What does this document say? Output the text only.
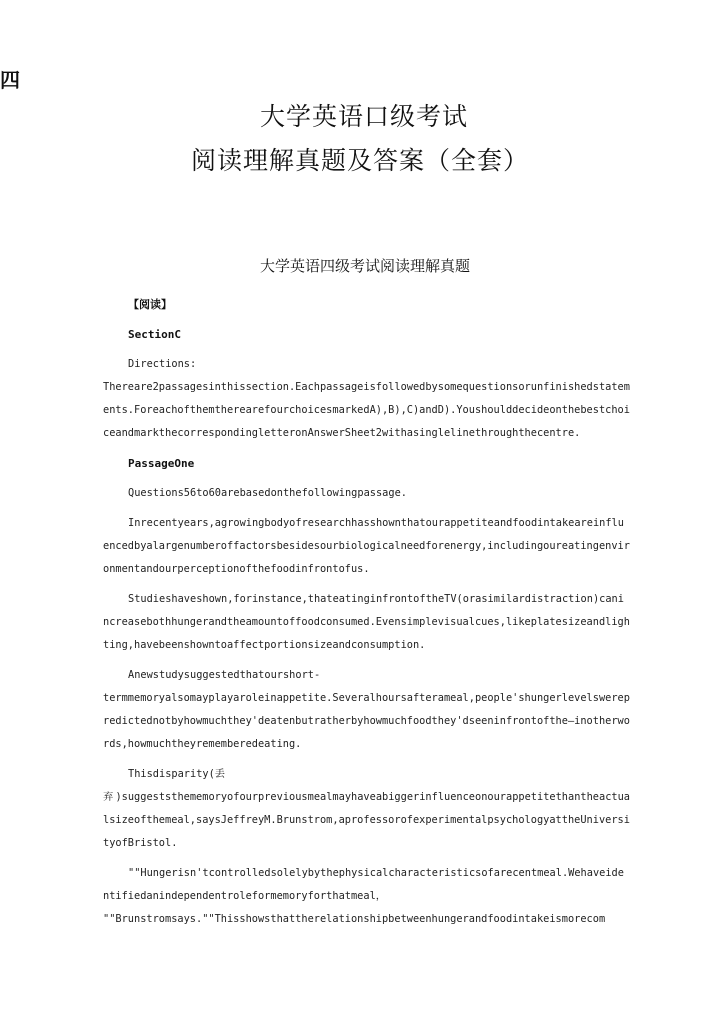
四
大学英语口级考试
阅读理解真题及答案（全套）
大学英语四级考试阅读理解真题

【阅读】

SectionC

Directions:

Thereare2passagesinthissection.Eachpassageisfollowedbysomequestionsorunfinishedstatements.ForeachofthemtherearefourchoicesmarkedA),B),C)andD).YoushoulddecideonthebestchoiceandmarkthecorrespondingletteronAnswerSheet2withasinglelinethroughthecentre.

PassageOne

Questions56to60arebasedonthefollowingpassage.

Inrecentyears,agrowingbodyofresearchhasshownthatourappetiteandfoodintakeareinfluencedbyalargenumberoffactorsbesidesourbiologicalneedforenergy,includingoureatingenvironmentandourperceptionofthefoodinfrontofus.

Studieshaveshown,forinstance,thateatinginfrontoftheTV(orasimilardistraction)canincreasebothhungerandtheamountoffoodconsumed.Evensimplevisualcues,likeplatesizeandlighting,havebeenshowntoaffectportionsizeandconsumption.

Anewstudysuggestedthatourshort-

termmemoryalsomayplayaroleinappetite.Severalhoursafterameal,people'shungerlevelswerepredictednotbyhowmuchthey'deatenbutratherbyhowmuchfoodthey'dseeninfrontofthe—inotherwords,howmuchtheyrememberedeating.

Thisdisparity(丢

弃)suggeststhememoryofourpreviousmealmayhaveabiggerinfluenceonourappetitethantheactualsizeofthemeal,saysJeffreyM.Brunstrom,aprofessorofexperimentalpsychologyattheUniversityofBristol.

""Hungerisn'tcontrolledsolelybythephysicalcharacteristicsofarecentmeal.Wehaveidentifiedanindependentroleformemoryforthatmeal，

""Brunstromsays.""Thisshowsthattherelationshipbetweenhungerandfoodintakeismorecom
